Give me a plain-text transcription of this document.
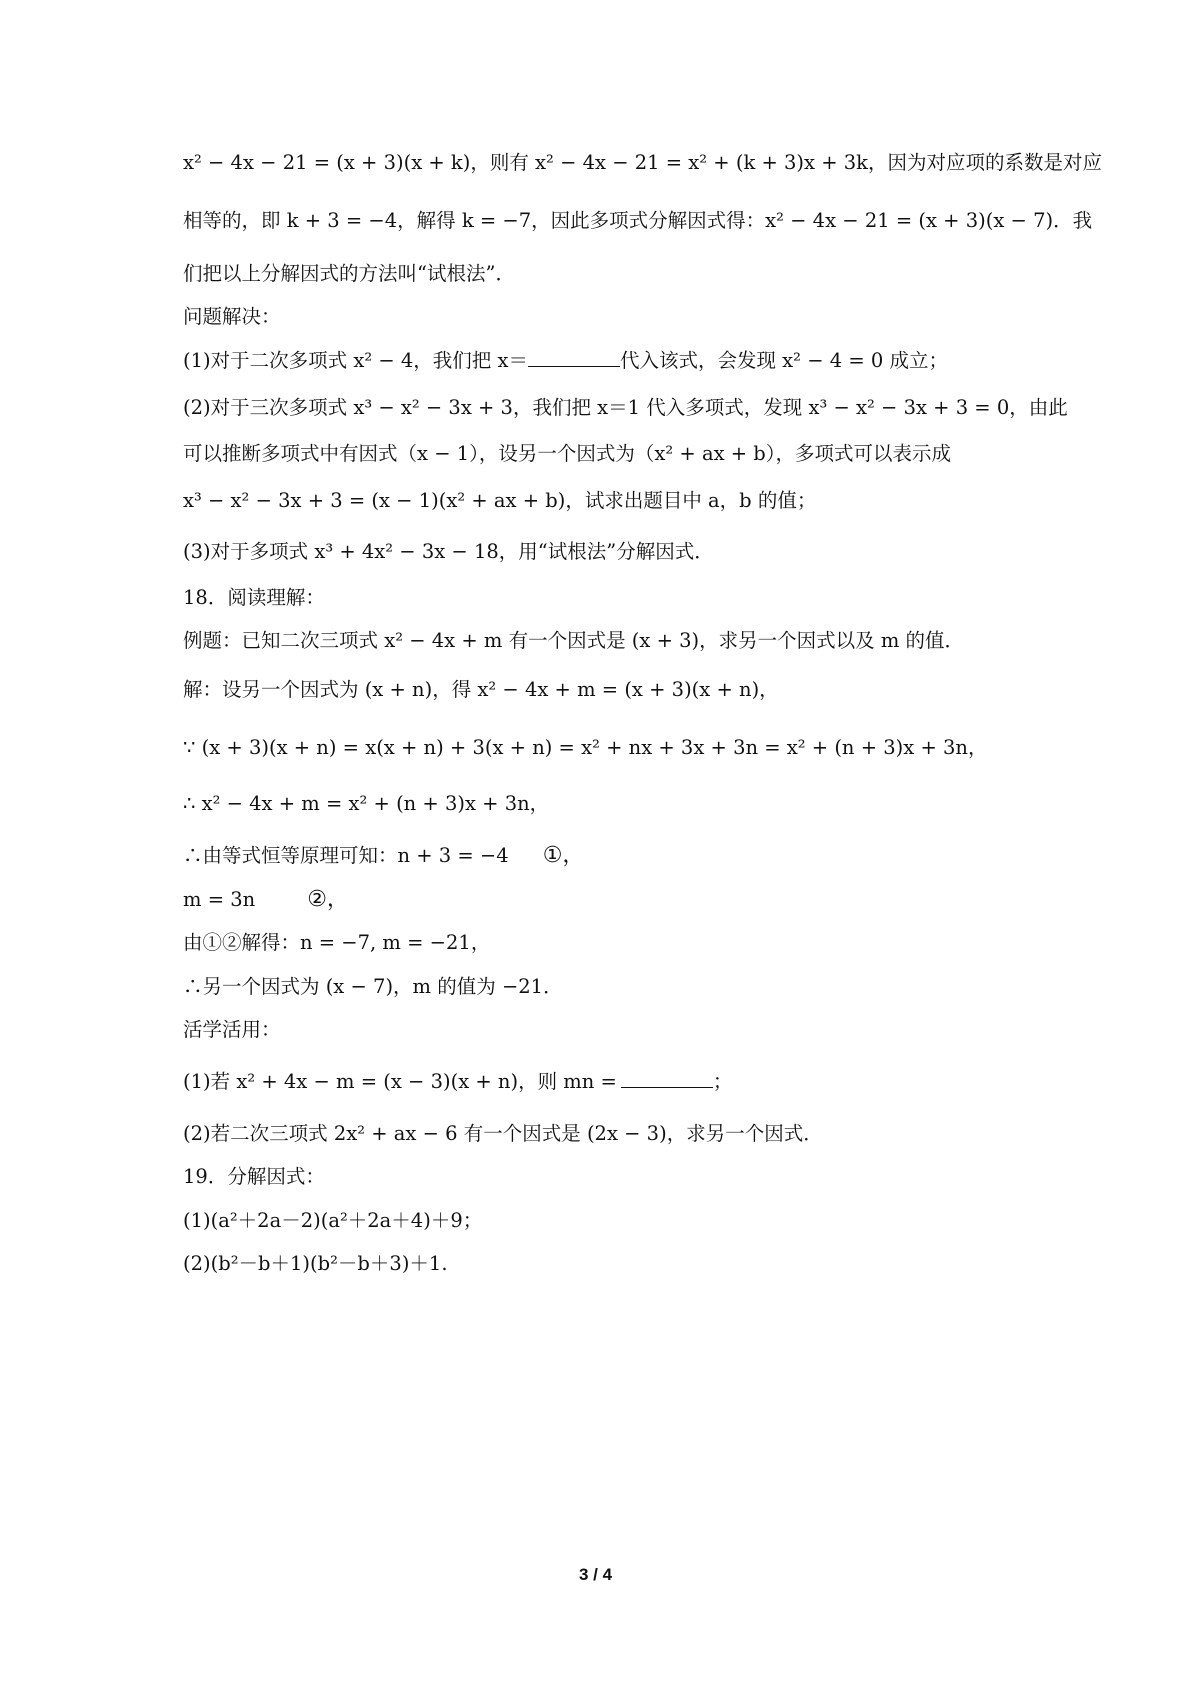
x² − 4x − 21 = (x + 3)(x + k)，则有 x² − 4x − 21 = x² + (k + 3)x + 3k，因为对应项的系数是对应
相等的，即 k + 3 = −4，解得 k = −7，因此多项式分解因式得：x² − 4x − 21 = (x + 3)(x − 7)．我
们把以上分解因式的方法叫“试根法”．
问题解决：
(1)对于二次多项式 x² − 4，我们把 x＝	代入该式，会发现 x² − 4 = 0 成立；
(2)对于三次多项式 x³ − x² − 3x + 3，我们把 x＝1 代入多项式，发现 x³ − x² − 3x + 3 = 0，由此
可以推断多项式中有因式（x − 1），设另一个因式为（x² + ax + b），多项式可以表示成
x³ − x² − 3x + 3 = (x − 1)(x² + ax + b)，试求出题目中 a，b 的值；
(3)对于多项式 x³ + 4x² − 3x − 18，用“试根法”分解因式．
18．阅读理解：
例题：已知二次三项式 x² − 4x + m 有一个因式是 (x + 3)，求另一个因式以及 m 的值．
解：设另一个因式为 (x + n)，得 x² − 4x + m = (x + 3)(x + n)，
∵ (x + 3)(x + n) = x(x + n) + 3(x + n) = x² + nx + 3x + 3n = x² + (n + 3)x + 3n，
∴ x² − 4x + m = x² + (n + 3)x + 3n，
∴由等式恒等原理可知：n + 3 = −4 ①，
m = 3n ②，
由①②解得：n = −7, m = −21，
∴另一个因式为 (x − 7)，m 的值为 −21．
活学活用：
(1)若 x² + 4x − m = (x − 3)(x + n)，则 mn =	；
(2)若二次三项式 2x² + ax − 6 有一个因式是 (2x − 3)，求另一个因式．
19．分解因式：
(1)(a²＋2a－2)(a²＋2a＋4)＋9；
(2)(b²－b＋1)(b²－b＋3)＋1.
3 / 4
